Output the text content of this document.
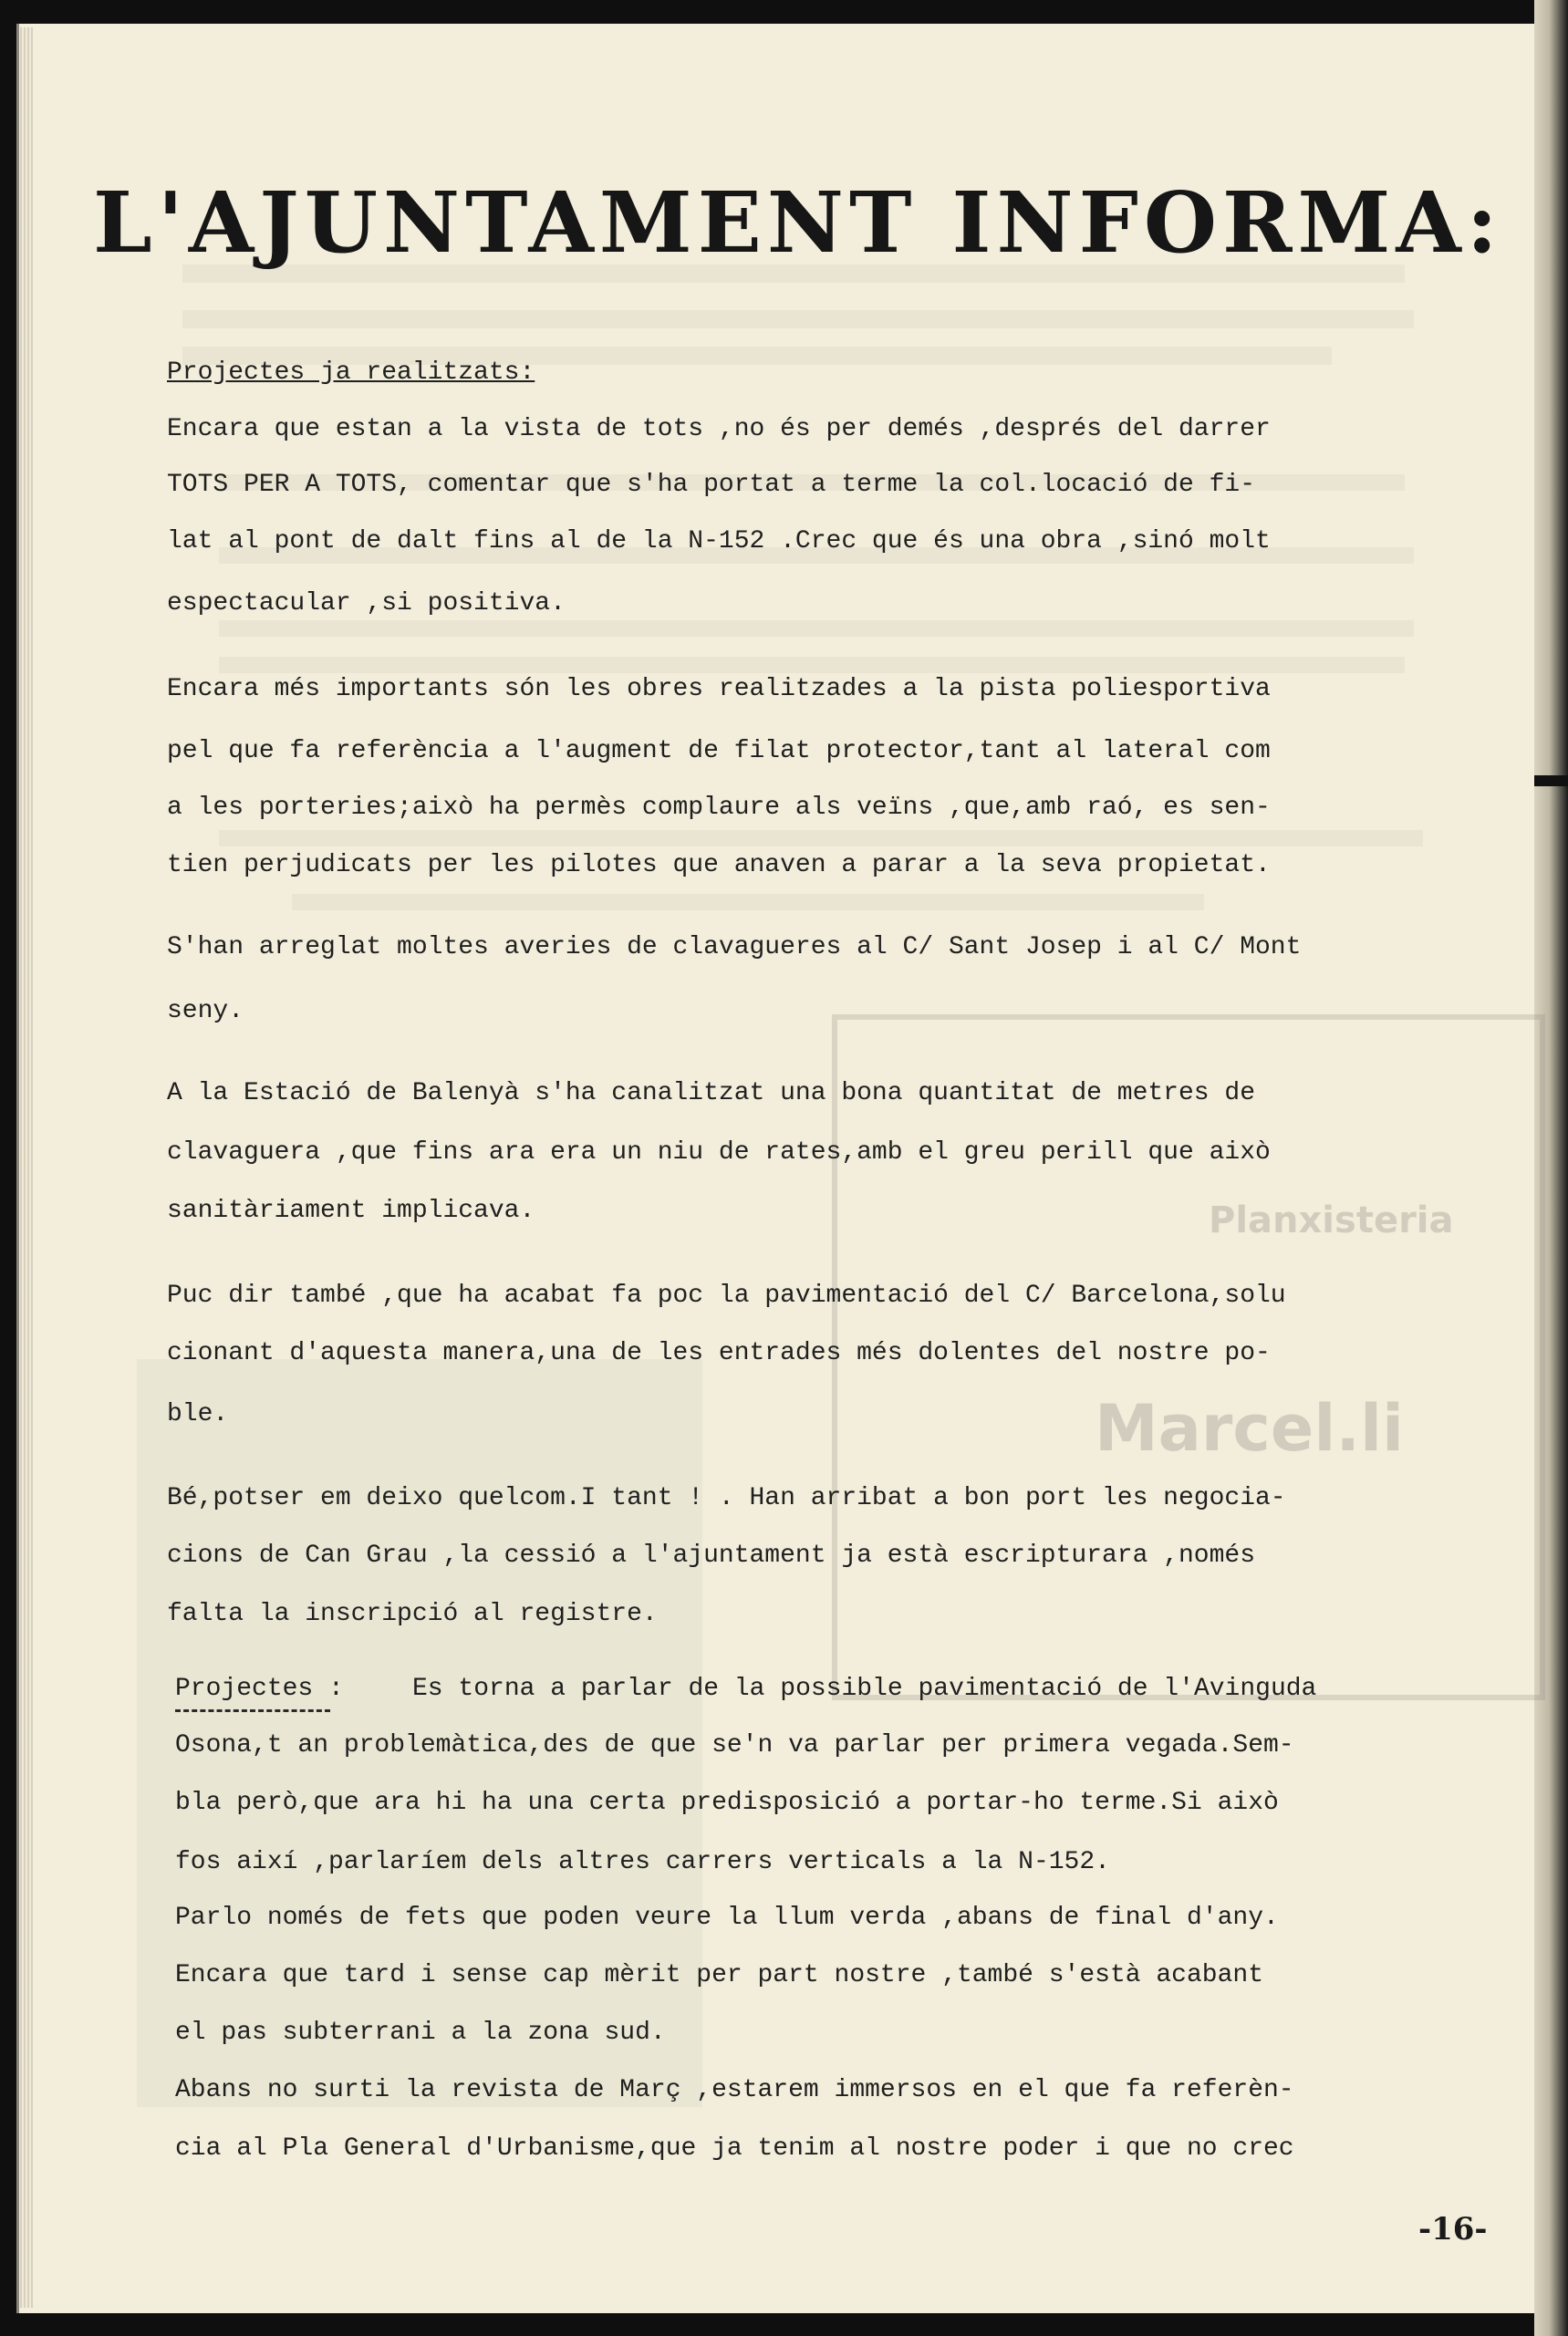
Planxisteria
Marcel.li
L'AJUNTAMENT INFORMA:

Projectes ja realitzats:

Encara que estan a la vista de tots ,no és per demés ,després del darrer

TOTS PER A TOTS, comentar que s'ha portat a terme la col.locació de fi-

lat al pont de dalt fins al de la N-152 .Crec que és una obra ,sinó molt

espectacular ,si positiva.

Encara més importants són les obres realitzades a la pista poliesportiva

pel que fa referència a l'augment de filat protector,tant al lateral com

a les porteries;això ha permès complaure als veïns ,que,amb raó, es sen-

tien perjudicats per les pilotes que anaven a parar a la seva propietat.

S'han arreglat moltes averies de clavagueres al C/ Sant Josep i al C/ Mont

seny.

A la Estació de Balenyà s'ha canalitzat una bona quantitat de metres de

clavaguera ,que fins ara era un niu de rates,amb el greu perill que això

sanitàriament implicava.

Puc dir també ,que ha acabat fa poc la pavimentació del C/ Barcelona,solu

cionant d'aquesta manera,una de les entrades més dolentes del nostre po-

ble.

Bé,potser em deixo quelcom.I tant ! . Han arribat a bon port les negocia-

cions de Can Grau ,la cessió a l'ajuntament ja està escripturara ,només

falta la inscripció al registre.

Projectes :	Es torna a parlar de la possible pavimentació de l'Avinguda

Osona,t an problemàtica,des de que se'n va parlar per primera vegada.Sem-

bla però,que ara hi ha una certa predisposició a portar-ho terme.Si això

fos així ,parlaríem dels altres carrers verticals a la N-152.

Parlo només de fets que poden veure la llum verda ,abans de final d'any.

Encara que tard i sense cap mèrit per part nostre ,també s'està acabant

el pas subterrani a la zona sud.

Abans no surti la revista de Març ,estarem immersos en el que fa referèn-

cia al Pla General d'Urbanisme,que ja tenim al nostre poder i que no crec

-16-
